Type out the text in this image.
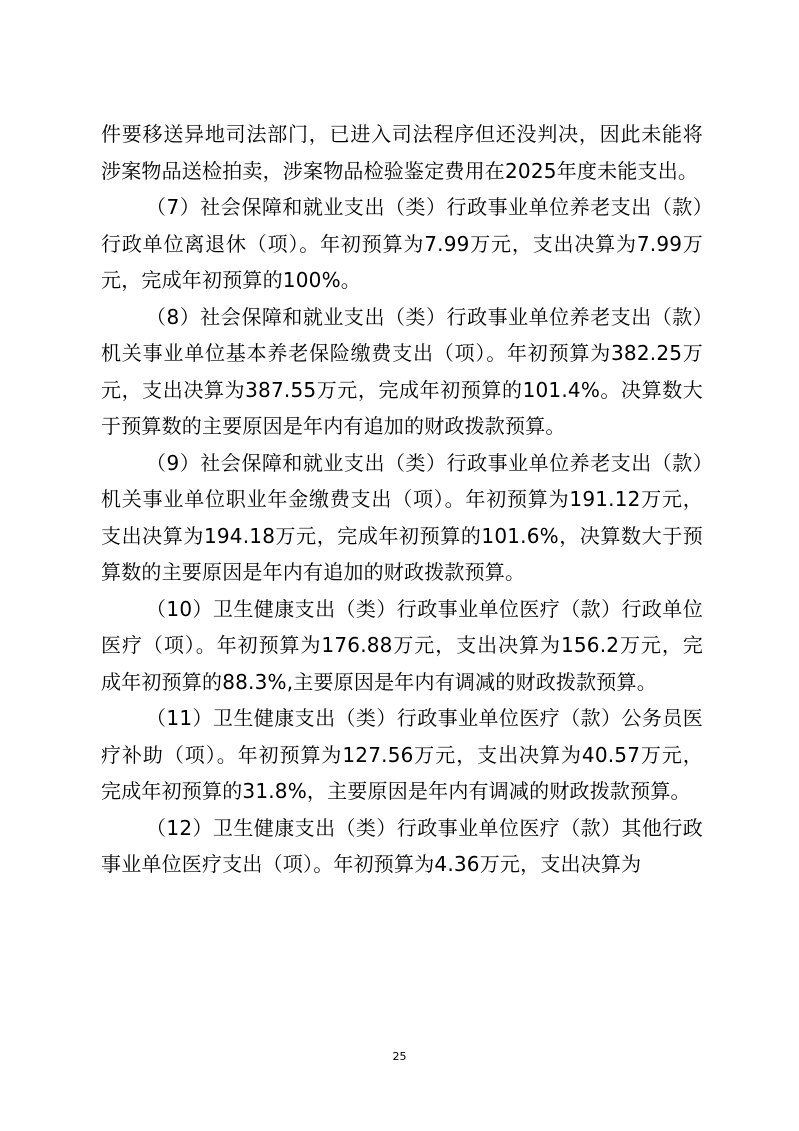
件要移送异地司法部门，已进入司法程序但还没判决，因此未能将涉案物品送检拍卖，涉案物品检验鉴定费用在2025年度未能支出。

（7）社会保障和就业支出（类）行政事业单位养老支出（款）行政单位离退休（项）。年初预算为7.99万元，支出决算为7.99万元，完成年初预算的100%。

（8）社会保障和就业支出（类）行政事业单位养老支出（款）机关事业单位基本养老保险缴费支出（项）。年初预算为382.25万元，支出决算为387.55万元，完成年初预算的101.4%。决算数大于预算数的主要原因是年内有追加的财政拨款预算。

（9）社会保障和就业支出（类）行政事业单位养老支出（款）机关事业单位职业年金缴费支出（项）。年初预算为191.12万元，支出决算为194.18万元，完成年初预算的101.6%，决算数大于预算数的主要原因是年内有追加的财政拨款预算。

（10）卫生健康支出（类）行政事业单位医疗（款）行政单位医疗（项）。年初预算为176.88万元，支出决算为156.2万元，完成年初预算的88.3%,主要原因是年内有调减的财政拨款预算。

（11）卫生健康支出（类）行政事业单位医疗（款）公务员医疗补助（项）。年初预算为127.56万元，支出决算为40.57万元，完成年初预算的31.8%，主要原因是年内有调减的财政拨款预算。

（12）卫生健康支出（类）行政事业单位医疗（款）其他行政事业单位医疗支出（项）。年初预算为4.36万元，支出决算为

25
